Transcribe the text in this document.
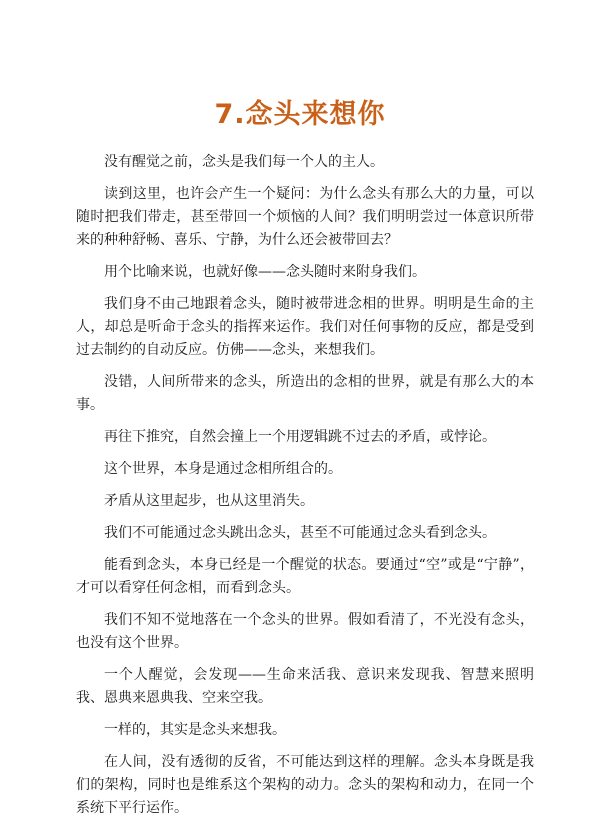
7.念头来想你

没有醒觉之前，念头是我们每一个人的主人。

读到这里，也许会产生一个疑问：为什么念头有那么大的力量，可以随时把我们带走，甚至带回一个烦恼的人间？我们明明尝过一体意识所带来的种种舒畅、喜乐、宁静，为什么还会被带回去？

用个比喻来说，也就好像——念头随时来附身我们。

我们身不由己地跟着念头，随时被带进念相的世界。明明是生命的主人，却总是听命于念头的指挥来运作。我们对任何事物的反应，都是受到过去制约的自动反应。仿佛——念头，来想我们。

没错，人间所带来的念头，所造出的念相的世界，就是有那么大的本事。

再往下推究，自然会撞上一个用逻辑跳不过去的矛盾，或悖论。

这个世界，本身是通过念相所组合的。

矛盾从这里起步，也从这里消失。

我们不可能通过念头跳出念头，甚至不可能通过念头看到念头。

能看到念头，本身已经是一个醒觉的状态。要通过“空”或是“宁静”，才可以看穿任何念相，而看到念头。

我们不知不觉地落在一个念头的世界。假如看清了，不光没有念头，也没有这个世界。

一个人醒觉，会发现——生命来活我、意识来发现我、智慧来照明我、恩典来恩典我、空来空我。

一样的，其实是念头来想我。

在人间，没有透彻的反省，不可能达到这样的理解。念头本身既是我们的架构，同时也是维系这个架构的动力。念头的架构和动力，在同一个系统下平行运作。
